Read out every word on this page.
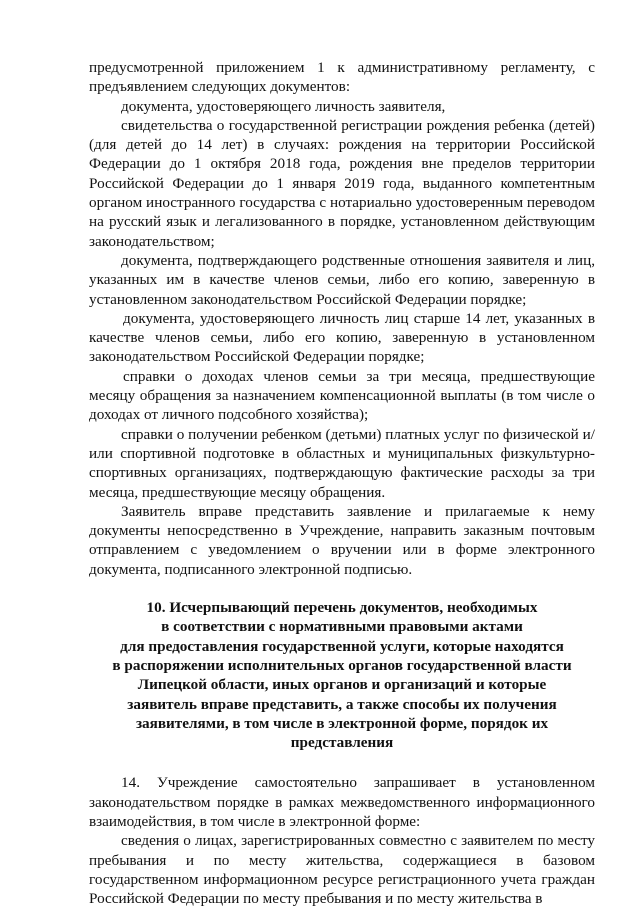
предусмотренной приложением 1 к административному регламенту, с предъявлением следующих документов:

документа, удостоверяющего личность заявителя,

свидетельства о государственной регистрации рождения ребенка (детей) (для детей до 14 лет) в случаях: рождения на территории Российской Федерации до 1 октября 2018 года, рождения вне пределов территории Российской Федерации до 1 января 2019 года, выданного компетентным органом иностранного государства с нотариально удостоверенным переводом на русский язык и легализованного в порядке, установленном действующим законодательством;

документа, подтверждающего родственные отношения заявителя и лиц, указанных им в качестве членов семьи, либо его копию, заверенную в установленном законодательством Российской Федерации порядке;

документа, удостоверяющего личность лиц старше 14 лет, указанных в качестве членов семьи, либо его копию, заверенную в установленном законодательством Российской Федерации порядке;

справки о доходах членов семьи за три месяца, предшествующие месяцу обращения за назначением компенсационной выплаты (в том числе о доходах от личного подсобного хозяйства);

справки о получении ребенком (детьми) платных услуг по физической и/или спортивной подготовке в областных и муниципальных физкультурно-спортивных организациях, подтверждающую фактические расходы за три месяца, предшествующие месяцу обращения.

Заявитель вправе представить заявление и прилагаемые к нему документы непосредственно в Учреждение, направить заказным почтовым отправлением с уведомлением о вручении или в форме электронного документа, подписанного электронной подписью.

10. Исчерпывающий перечень документов, необходимых
в соответствии с нормативными правовыми актами
для предоставления государственной услуги, которые находятся
в распоряжении исполнительных органов государственной власти
Липецкой области, иных органов и организаций и которые
заявитель вправе представить, а также способы их получения
заявителями, в том числе в электронной форме, порядок их
представления

14. Учреждение самостоятельно запрашивает в установленном законодательством порядке в рамках межведомственного информационного взаимодействия, в том числе в электронной форме:

сведения о лицах, зарегистрированных совместно с заявителем по месту пребывания и по месту жительства, содержащиеся в базовом государственном информационном ресурсе регистрационного учета граждан Российской Федерации по месту пребывания и по месту жительства в
